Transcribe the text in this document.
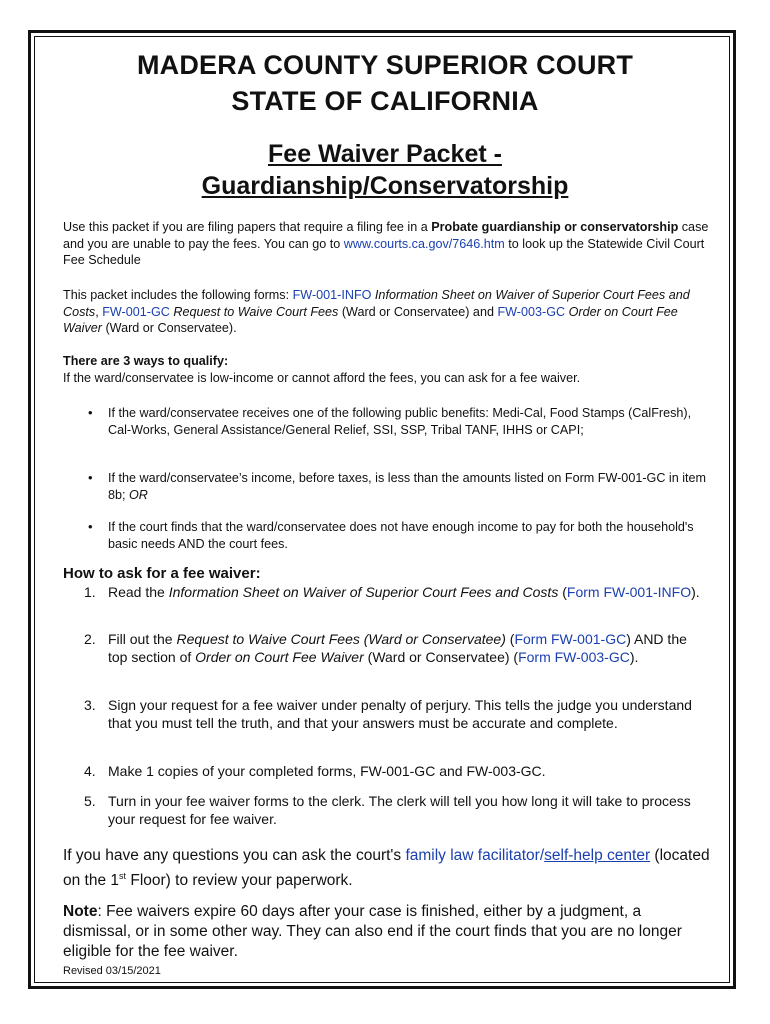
MADERA COUNTY SUPERIOR COURT
STATE OF CALIFORNIA
Fee Waiver Packet -
Guardianship/Conservatorship
Use this packet if you are filing papers that require a filing fee in a Probate guardianship or conservatorship case and you are unable to pay the fees. You can go to www.courts.ca.gov/7646.htm to look up the Statewide Civil Court Fee Schedule
This packet includes the following forms: FW-001-INFO Information Sheet on Waiver of Superior Court Fees and Costs, FW-001-GC Request to Waive Court Fees (Ward or Conservatee) and FW-003-GC Order on Court Fee Waiver (Ward or Conservatee).
There are 3 ways to qualify:
If the ward/conservatee is low-income or cannot afford the fees, you can ask for a fee waiver.
• If the ward/conservatee receives one of the following public benefits: Medi-Cal, Food Stamps (CalFresh), Cal-Works, General Assistance/General Relief, SSI, SSP, Tribal TANF, IHHS or CAPI;
• If the ward/conservatee’s income, before taxes, is less than the amounts listed on Form FW-001-GC in item 8b; OR
• If the court finds that the ward/conservatee does not have enough income to pay for both the household's basic needs AND the court fees.
How to ask for a fee waiver:
1. Read the Information Sheet on Waiver of Superior Court Fees and Costs (Form FW-001-INFO).
2. Fill out the Request to Waive Court Fees (Ward or Conservatee) (Form FW-001-GC) AND the top section of Order on Court Fee Waiver (Ward or Conservatee) (Form FW-003-GC).
3. Sign your request for a fee waiver under penalty of perjury. This tells the judge you understand that you must tell the truth, and that your answers must be accurate and complete.
4. Make 1 copies of your completed forms, FW-001-GC and FW-003-GC.
5. Turn in your fee waiver forms to the clerk. The clerk will tell you how long it will take to process your request for fee waiver.
If you have any questions you can ask the court's family law facilitator/self-help center (located on the 1st Floor) to review your paperwork.
Note: Fee waivers expire 60 days after your case is finished, either by a judgment, a dismissal, or in some other way. They can also end if the court finds that you are no longer eligible for the fee waiver.
Revised 03/15/2021
